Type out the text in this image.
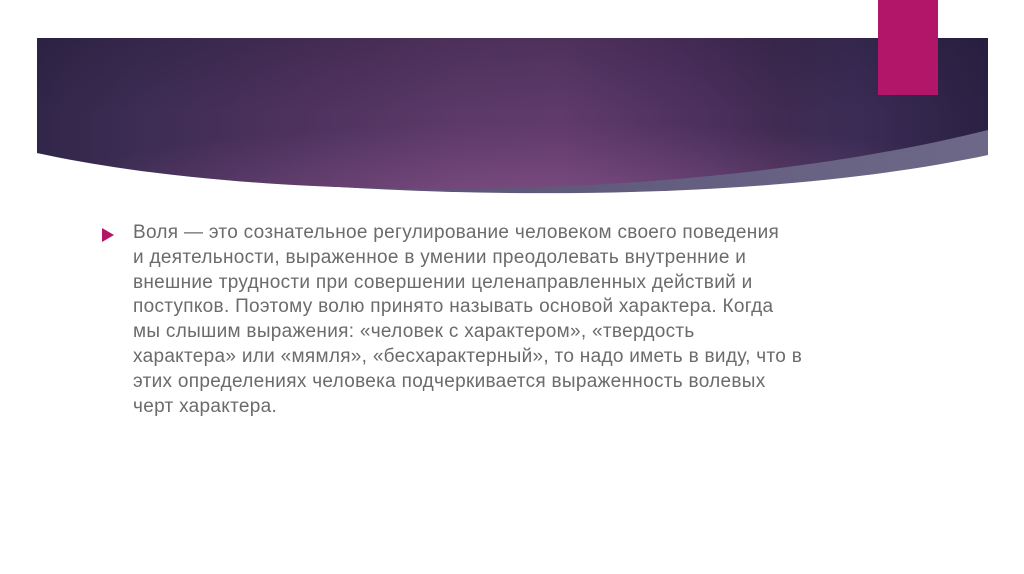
Воля — это сознательное регулирование человеком своего поведения
и деятельности, выраженное в умении преодолевать внутренние и
внешние трудности при совершении целенаправленных действий и
поступков. Поэтому волю принято называть основой характера. Когда
мы слышим выражения: «человек с характером», «твердость
характера» или «мямля», «бесхарактерный», то надо иметь в виду, что в
этих определениях человека подчеркивается выраженность волевых
черт характера.
